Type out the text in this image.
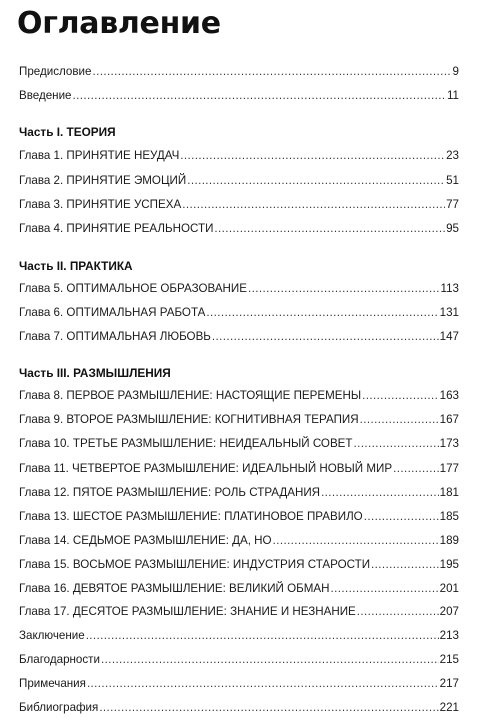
Оглавление
Предисловие .....	9
Введение .....	11
Часть I. ТЕОРИЯ
Глава 1. ПРИНЯТИЕ НЕУДАЧ .....	23
Глава 2. ПРИНЯТИЕ ЭМОЦИЙ .....	51
Глава 3. ПРИНЯТИЕ УСПЕХА .....	77
Глава 4. ПРИНЯТИЕ РЕАЛЬНОСТИ .....	95
Часть II. ПРАКТИКА
Глава 5. ОПТИМАЛЬНОЕ ОБРАЗОВАНИЕ .....	113
Глава 6. ОПТИМАЛЬНАЯ РАБОТА .....	131
Глава 7. ОПТИМАЛЬНАЯ ЛЮБОВЬ .....	147
Часть III. РАЗМЫШЛЕНИЯ
Глава 8. ПЕРВОЕ РАЗМЫШЛЕНИЕ: НАСТОЯЩИЕ ПЕРЕМЕНЫ .....	163
Глава 9. ВТОРОЕ РАЗМЫШЛЕНИЕ: КОГНИТИВНАЯ ТЕРАПИЯ .....	167
Глава 10. ТРЕТЬЕ РАЗМЫШЛЕНИЕ: НЕИДЕАЛЬНЫЙ СОВЕТ .....	173
Глава 11. ЧЕТВЕРТОЕ РАЗМЫШЛЕНИЕ: ИДЕАЛЬНЫЙ НОВЫЙ МИР .....	177
Глава 12. ПЯТОЕ РАЗМЫШЛЕНИЕ: РОЛЬ СТРАДАНИЯ .....	181
Глава 13. ШЕСТОЕ РАЗМЫШЛЕНИЕ: ПЛАТИНОВОЕ ПРАВИЛО .....	185
Глава 14. СЕДЬМОЕ РАЗМЫШЛЕНИЕ: ДА, НО .....	189
Глава 15. ВОСЬМОЕ РАЗМЫШЛЕНИЕ: ИНДУСТРИЯ СТАРОСТИ .....	195
Глава 16. ДЕВЯТОЕ РАЗМЫШЛЕНИЕ: ВЕЛИКИЙ ОБМАН .....	201
Глава 17. ДЕСЯТОЕ РАЗМЫШЛЕНИЕ: ЗНАНИЕ И НЕЗНАНИЕ .....	207
Заключение .....	213
Благодарности .....	215
Примечания .....	217
Библиография .....	221
